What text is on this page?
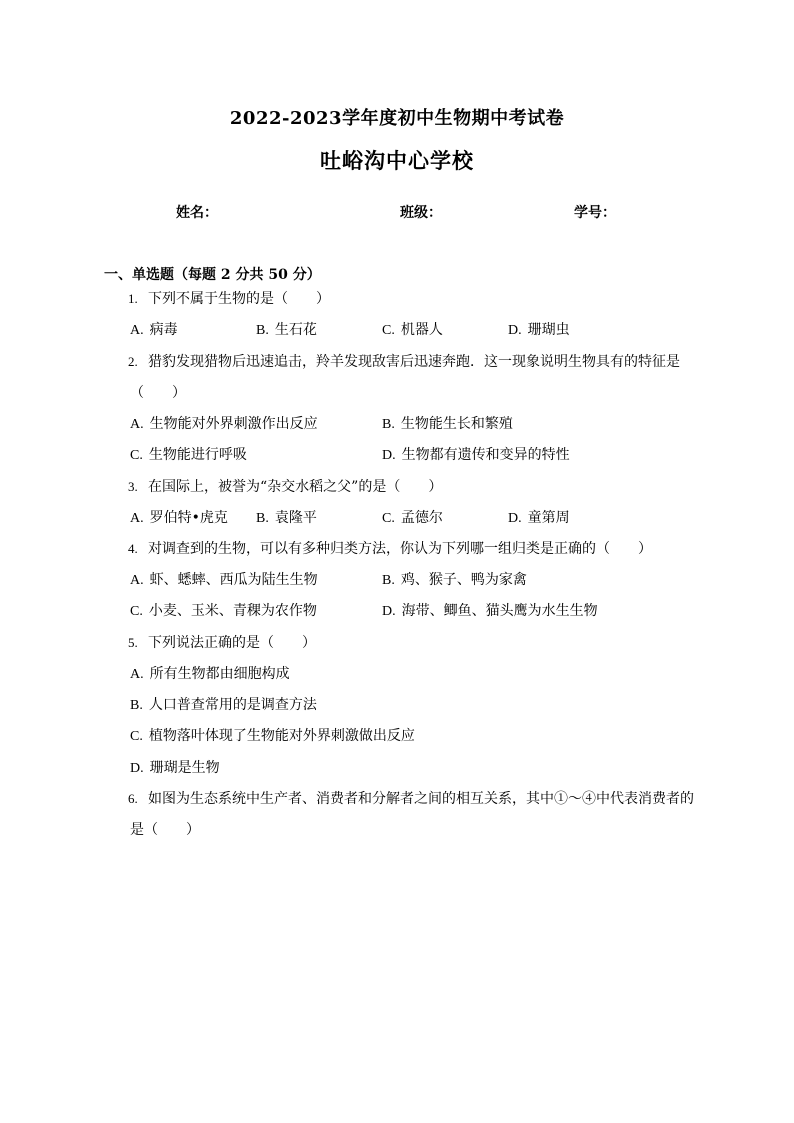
2022-2023学年度初中生物期中考试卷
吐峪沟中心学校
姓名：	班级：	学号：
一、单选题（每题 2 分共 50 分）
1. 下列不属于生物的是（　　）
A. 病毒	B. 生石花	C. 机器人	D. 珊瑚虫
2. 猎豹发现猎物后迅速追击，羚羊发现敌害后迅速奔跑．这一现象说明生物具有的特征是
（　　）
A. 生物能对外界刺激作出反应	B. 生物能生长和繁殖
C. 生物能进行呼吸	D. 生物都有遗传和变异的特性
3. 在国际上，被誉为“杂交水稻之父”的是（　　）
A. 罗伯特•虎克 B. 袁隆平	C. 孟德尔	D. 童第周
4. 对调查到的生物，可以有多种归类方法，你认为下列哪一组归类是正确的（　　）
A. 虾、蟋蟀、西瓜为陆生生物	B. 鸡、猴子、鸭为家禽
C. 小麦、玉米、青稞为农作物	D. 海带、鲫鱼、猫头鹰为水生生物
5. 下列说法正确的是（　　）
A. 所有生物都由细胞构成
B. 人口普查常用的是调查方法
C. 植物落叶体现了生物能对外界刺激做出反应
D. 珊瑚是生物
6. 如图为生态系统中生产者、消费者和分解者之间的相互关系，其中①～④中代表消费者的
是（　　）
